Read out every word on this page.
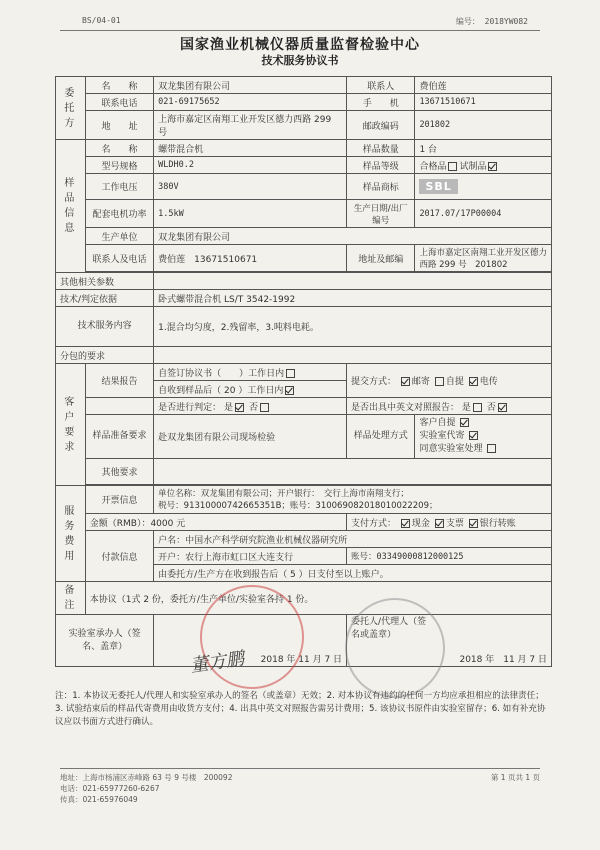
BS/04-01	编号： 2018YW082
国家渔业机械仪器质量监督检验中心
技术服务协议书
委托方	名　　称	双龙集团有限公司	联系人	费伯莲
	联系电话	021-69175652	手　　机	13671510671
	地　　址	上海市嘉定区南翔工业开发区德力西路 299 号	邮政编码	201802
样品信息	名　　称	螺带混合机	样品数量	1 台
	型号规格	WLDH0.2	样品等级	合格品 试制品
	工作电压	380V	样品商标	SBL
	配套电机功率	1.5kW	生产日期/出厂编号	2017.07/17P00004
	生产单位	双龙集团有限公司		
	联系人及电话	费伯莲　13671510671	地址及邮编	上海市嘉定区南翔工业开发区德力西路 299 号　201802

其他相关参数				
技术/判定依据		卧式螺带混合机 LS/T 3542-1992		
技术服务内容		1.混合均匀度，2.残留率，3.吨料电耗。		
分包的要求				
客户要求	结果报告	自签订协议书（　　）工作日内	提交方式： 邮寄 自提 电传	
		自收到样品后（ 20 ）工作日内		
		是否进行判定： 是 否	是否出具中英文对照报告： 是 否	
	样品准备要求	赴双龙集团有限公司现场检验	样品处理方式	客户自提
实验室代寄
同意实验室处理

	其他要求			

服务费用	开票信息	单位名称：双龙集团有限公司；开户银行：　交行上海市南翔支行；
税号：91310000742665351B；账号：310069082018010022209；		

	金额（RMB）：4000 元		支付方式： 现金 支票 银行转账	
	付款信息	户名：中国水产科学研究院渔业机械仪器研究所		
		开户：农行上海市虹口区大连支行	账号：03349000812000125	
		由委托方/生产方在收到报告后（ 5 ）日支付至以上账户。		
备注	本协议（1式 2 份，委托方/生产单位/实验室各持 1 份。			
实验室承办人（签名、盖章）		2018 年 11 月 7 日	委托人/代理人（签名或盖章）
2018 年　11 月 7 日	
董方鹏
注：1. 本协议无委托人/代理人和实验室承办人的签名（或盖章）无效；2. 对本协议有违约的任何一方均应承担相应的法律责任；3. 试验结束后的样品代寄费用由收货方支付；4. 出具中英文对照报告需另计费用；5. 该协议书原件由实验室留存；6. 如有补充协议应以书面方式进行确认。
地址：上海市杨浦区赤峰路 63 号 9 号楼　200092
电话：021-65977260-6267
传真：021-65976049
第 1 页共 1 页
